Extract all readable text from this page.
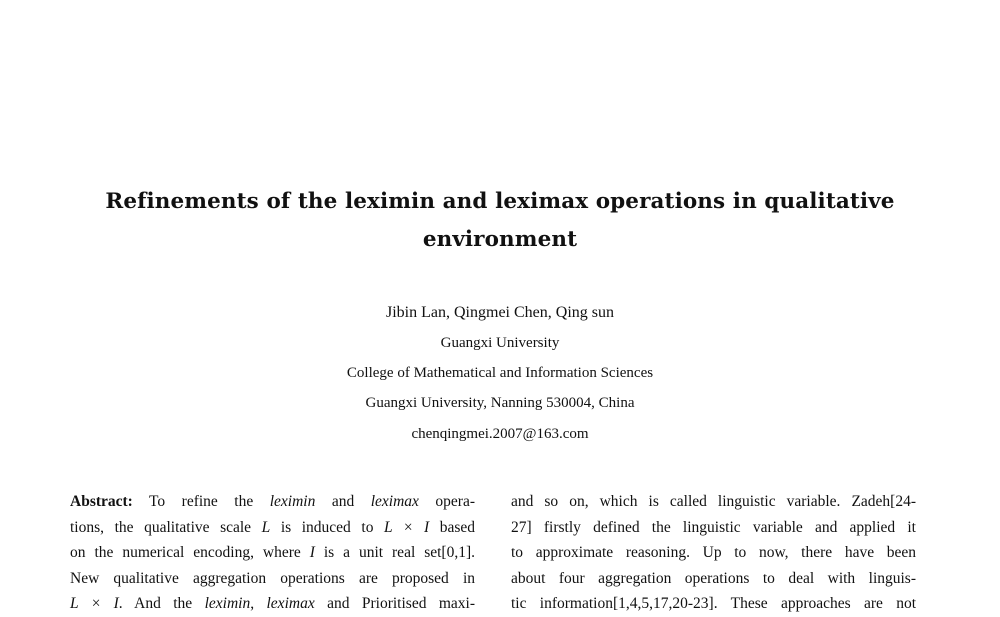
Refinements of the leximin and leximax operations in qualitative
environment
Jibin Lan, Qingmei Chen, Qing sun
Guangxi University
College of Mathematical and Information Sciences
Guangxi University, Nanning 530004, China
chenqingmei.2007@163.com
Abstract: To refine the leximin and leximax opera-
tions, the qualitative scale L is induced to L × I based
on the numerical encoding, where I is a unit real set[0,1].
New qualitative aggregation operations are proposed in
L × I. And the leximin, leximax and Prioritised maxi-
and so on, which is called linguistic variable. Zadeh[24-
27] firstly defined the linguistic variable and applied it
to approximate reasoning. Up to now, there have been
about four aggregation operations to deal with linguis-
tic information[1,4,5,17,20-23]. These approaches are not
